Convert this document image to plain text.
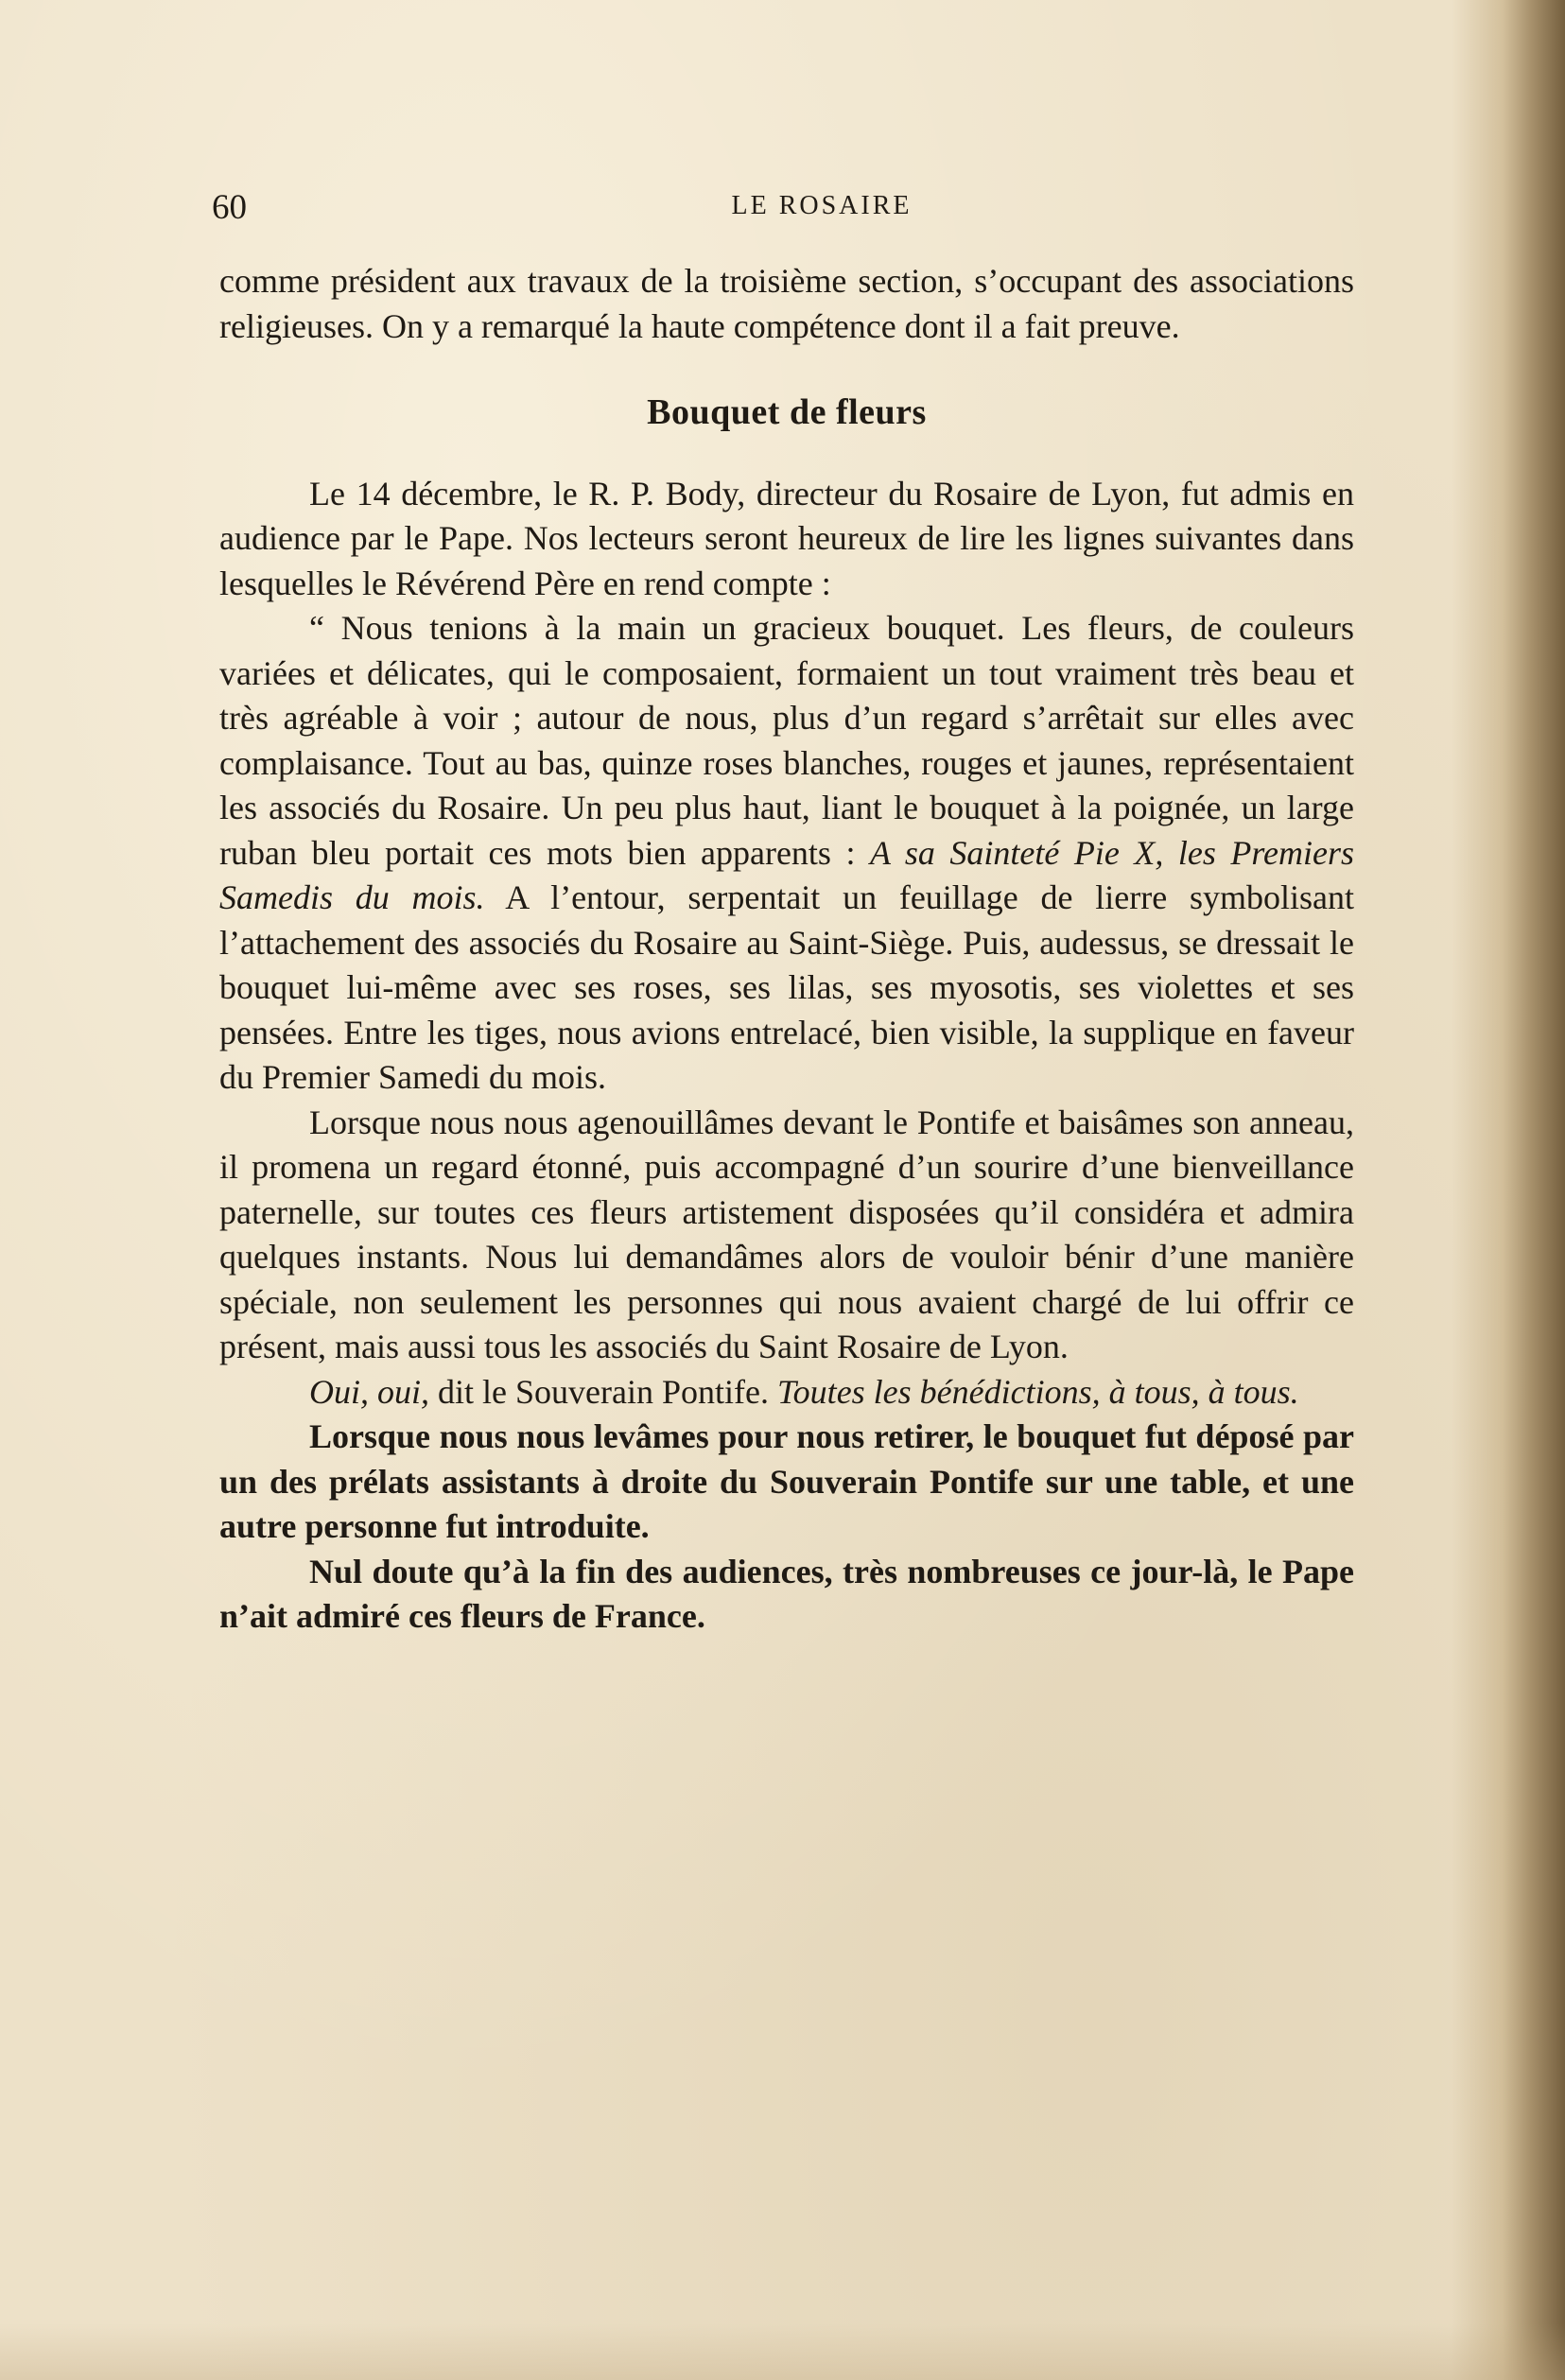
60	LE ROSAIRE

comme président aux travaux de la troisième section, s’occupant des associations religieuses. On y a remarqué la haute compétence dont il a fait preuve.

Bouquet de fleurs

Le 14 décembre, le R. P. Body, directeur du Rosaire de Lyon, fut admis en audience par le Pape. Nos lecteurs seront heureux de lire les lignes suivantes dans lesquelles le Révérend Père en rend compte :

“ Nous tenions à la main un gracieux bouquet. Les fleurs, de couleurs variées et délicates, qui le composaient, formaient un tout vraiment très beau et très agréable à voir ; autour de nous, plus d’un regard s’arrêtait sur elles avec complaisance. Tout au bas, quinze roses blanches, rouges et jaunes, représentaient les associés du Rosaire. Un peu plus haut, liant le bouquet à la poignée, un large ruban bleu portait ces mots bien apparents : A sa Sainteté Pie X, les Premiers Samedis du mois. A l’entour, serpentait un feuillage de lierre symbolisant l’attachement des associés du Rosaire au Saint-Siège. Puis, audessus, se dressait le bouquet lui-même avec ses roses, ses lilas, ses myosotis, ses violettes et ses pensées. Entre les tiges, nous avions entrelacé, bien visible, la supplique en faveur du Premier Samedi du mois.

Lorsque nous nous agenouillâmes devant le Pontife et baisâmes son anneau, il promena un regard étonné, puis accompagné d’un sourire d’une bienveillance paternelle, sur toutes ces fleurs artistement disposées qu’il considéra et admira quelques instants. Nous lui demandâmes alors de vouloir bénir d’une manière spéciale, non seulement les personnes qui nous avaient chargé de lui offrir ce présent, mais aussi tous les associés du Saint Rosaire de Lyon.

Oui, oui, dit le Souverain Pontife. Toutes les bénédictions, à tous, à tous.

Lorsque nous nous levâmes pour nous retirer, le bouquet fut déposé par un des prélats assistants à droite du Souverain Pontife sur une table, et une autre personne fut introduite.

Nul doute qu’à la fin des audiences, très nombreuses ce jour-là, le Pape n’ait admiré ces fleurs de France.
